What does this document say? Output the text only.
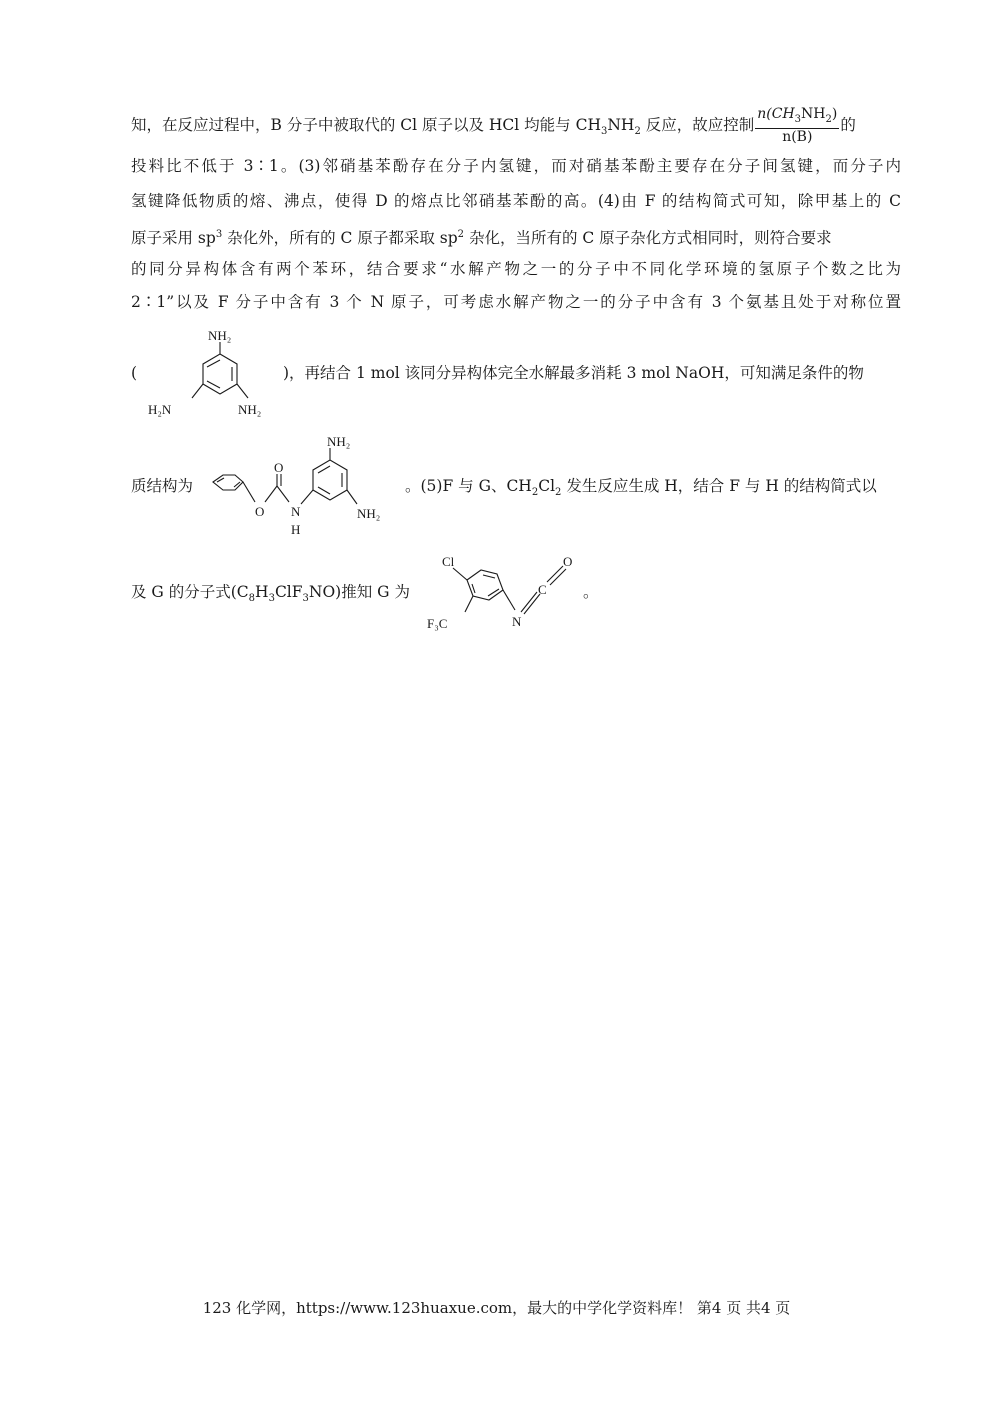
知，在反应过程中，B 分子中被取代的 Cl 原子以及 HCl 均能与 $CH_3NH_2$ 反应，故应控制 $\frac{n(CH_3NH_2)}{n(B)}$ 的
投料比不低于 3∶1。(3)邻硝基苯酚存在分子内氢键，而对硝基苯酚主要存在分子间氢键，而分子内
氢键降低物质的熔、沸点，使得 D 的熔点比邻硝基苯酚的高。(4)由 F 的结构简式可知，除甲基上的 C
原子采用 $sp^3$ 杂化外，所有的 C 原子都采取 $sp^2$ 杂化，当所有的 C 原子杂化方式相同时，则符合要求
的同分异构体含有两个苯环，结合要求“水解产物之一的分子中不同化学环境的氢原子个数之比为
2∶1”以及 F 分子中含有 3 个 N 原子，可考虑水解产物之一的分子中含有 3 个氨基且处于对称位置
(	)，再结合 1 mol 该同分异构体完全水解最多消耗 3 mol NaOH，可知满足条件的物
NH₂
H₂N	NH₂
质结构为	。(5)F 与 G、$CH_2Cl_2$ 发生反应生成 H，结合 F 与 H 的结构简式以
O
O N
H
NH₂
NH₂
及 G 的分子式$(C_8H_3ClF_3NO)$推知 G 为	。
Cl
F₃C	N
C
O
123 化学网，https://www.123huaxue.com，最大的中学化学资料库！ 第4 页 共4 页
